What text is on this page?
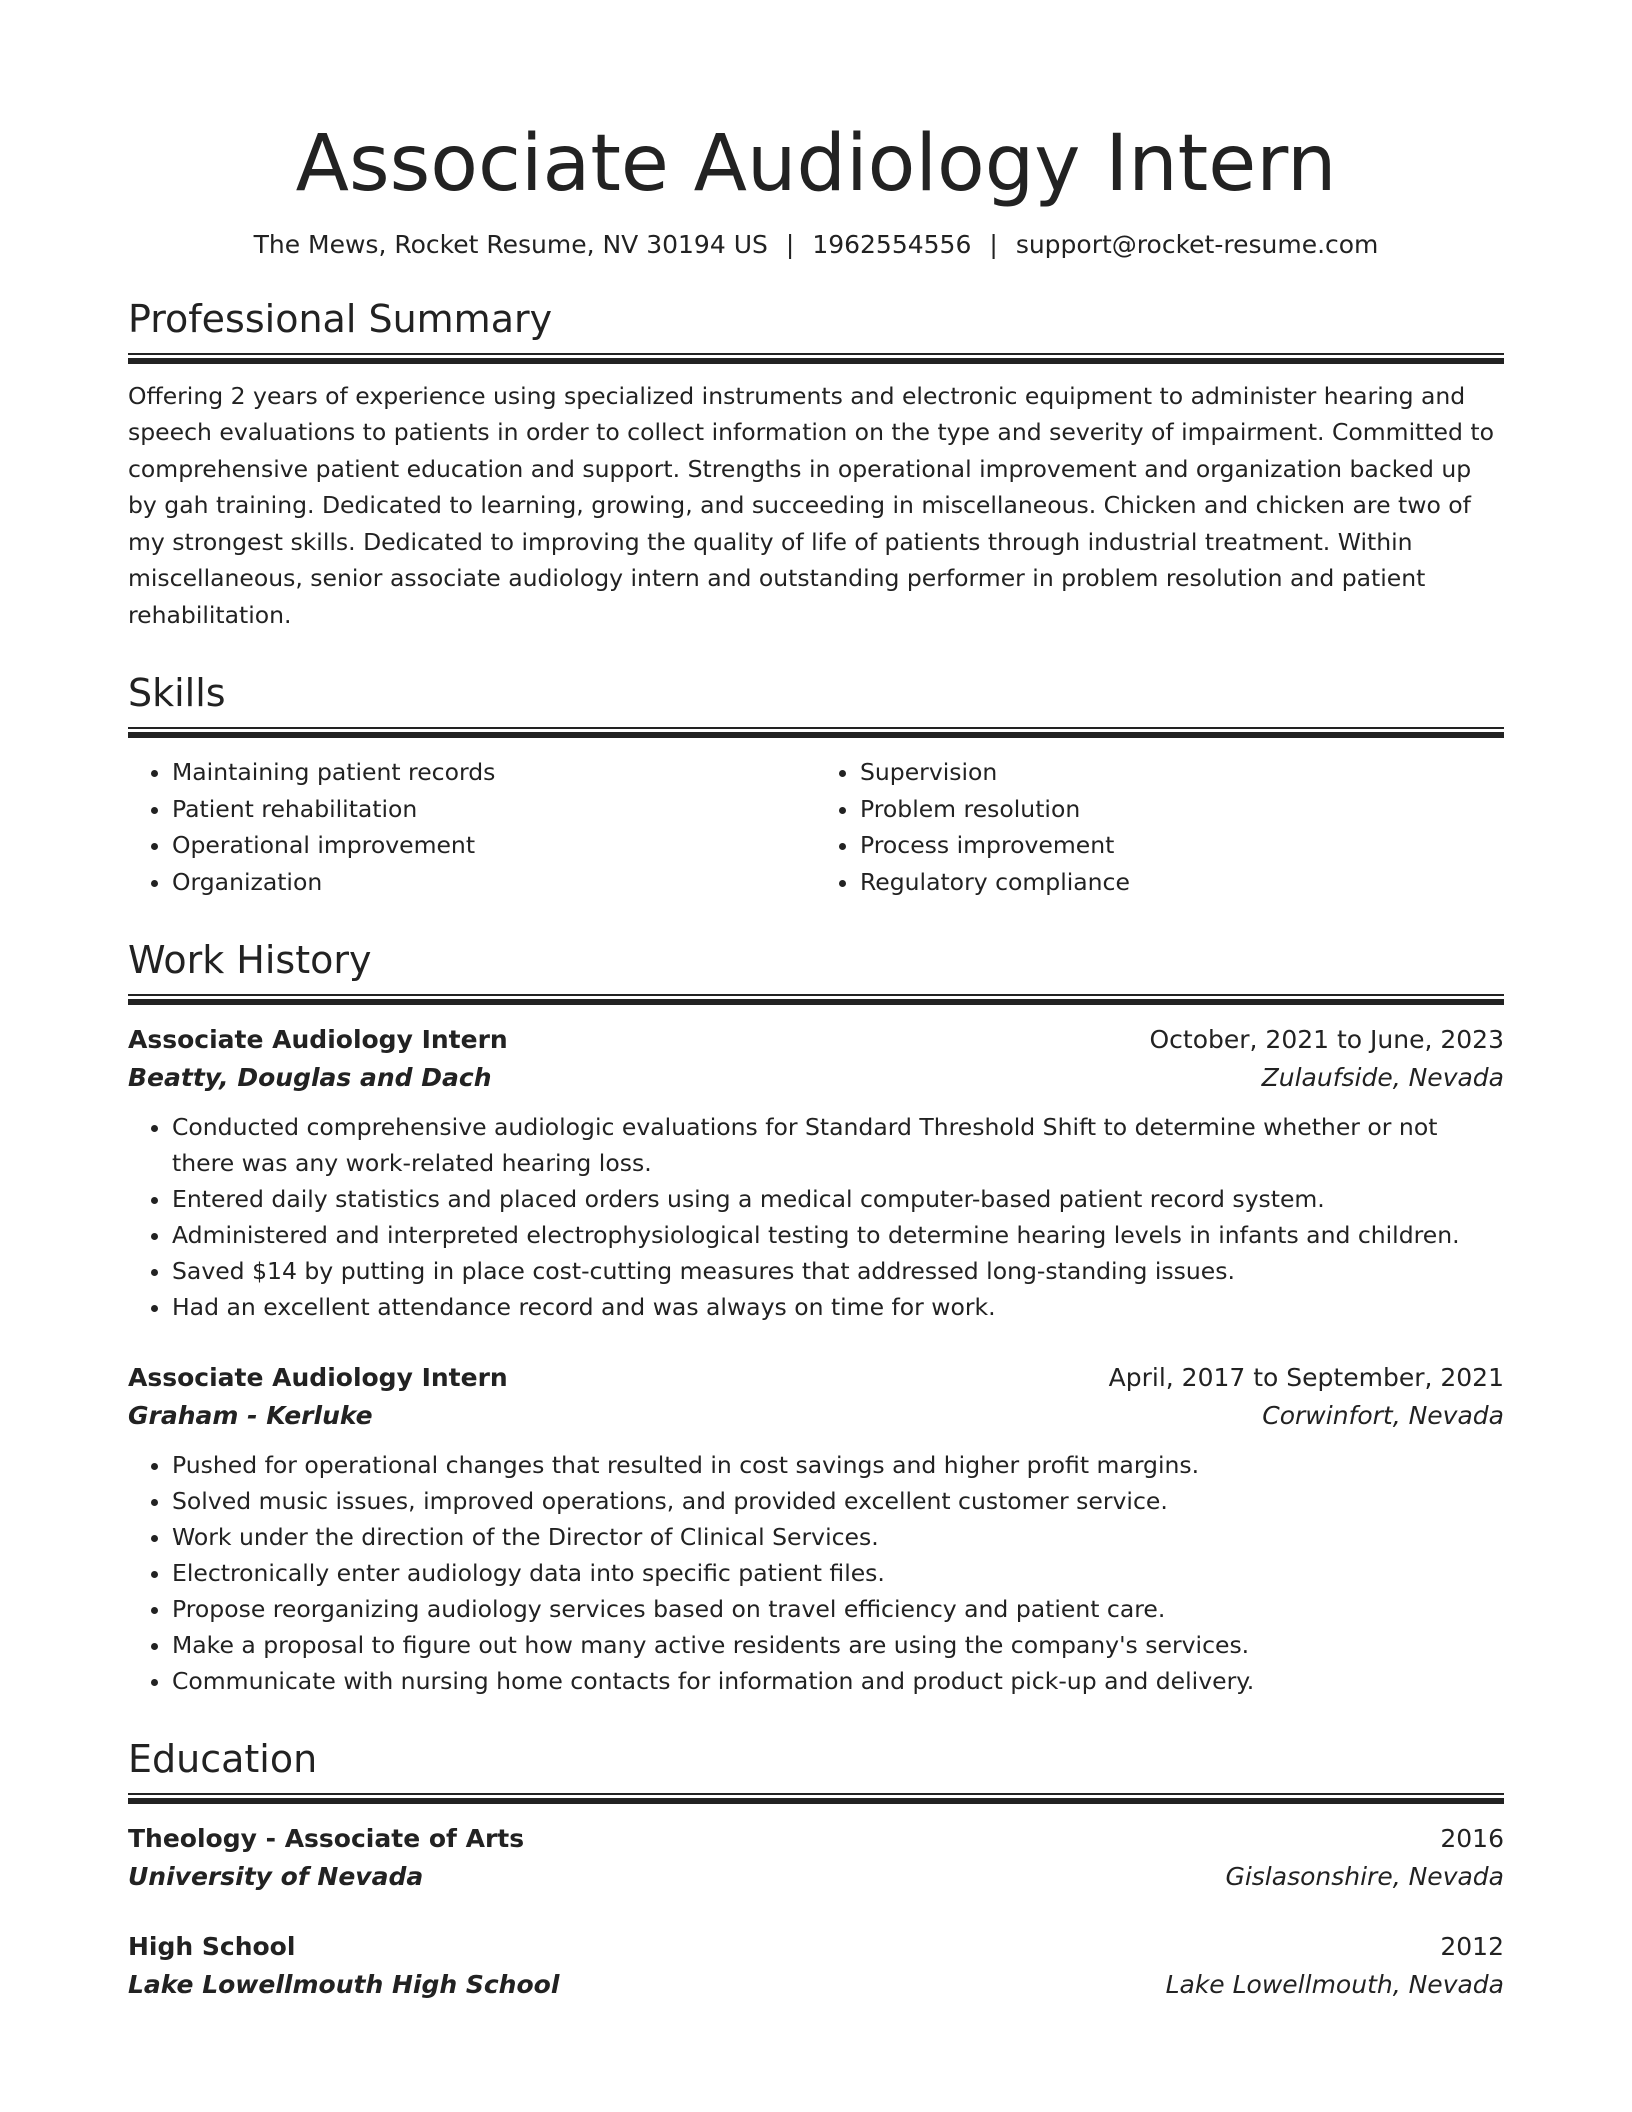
Associate Audiology Intern
The Mews, Rocket Resume, NV 30194 US | 1962554556 | support@rocket-resume.com
Professional Summary
Offering 2 years of experience using specialized instruments and electronic equipment to administer hearing and speech evaluations to patients in order to collect information on the type and severity of impairment. Committed to comprehensive patient education and support. Strengths in operational improvement and organization backed up by gah training. Dedicated to learning, growing, and succeeding in miscellaneous. Chicken and chicken are two of my strongest skills. Dedicated to improving the quality of life of patients through industrial treatment. Within miscellaneous, senior associate audiology intern and outstanding performer in problem resolution and patient rehabilitation.
Skills
• Maintaining patient records
• Patient rehabilitation
• Operational improvement
• Organization
• Supervision
• Problem resolution
• Process improvement
• Regulatory compliance
Work History
Associate Audiology Intern	October, 2021 to June, 2023
Beatty, Douglas and Dach	Zulaufside, Nevada
• Conducted comprehensive audiologic evaluations for Standard Threshold Shift to determine whether or not there was any work-related hearing loss.
• Entered daily statistics and placed orders using a medical computer-based patient record system.
• Administered and interpreted electrophysiological testing to determine hearing levels in infants and children.
• Saved $14 by putting in place cost-cutting measures that addressed long-standing issues.
• Had an excellent attendance record and was always on time for work.
Associate Audiology Intern	April, 2017 to September, 2021
Graham - Kerluke	Corwinfort, Nevada
• Pushed for operational changes that resulted in cost savings and higher profit margins.
• Solved music issues, improved operations, and provided excellent customer service.
• Work under the direction of the Director of Clinical Services.
• Electronically enter audiology data into specific patient files.
• Propose reorganizing audiology services based on travel efficiency and patient care.
• Make a proposal to figure out how many active residents are using the company's services.
• Communicate with nursing home contacts for information and product pick-up and delivery.
Education
Theology - Associate of Arts	2016
University of Nevada	Gislasonshire, Nevada
High School	2012
Lake Lowellmouth High School	Lake Lowellmouth, Nevada
